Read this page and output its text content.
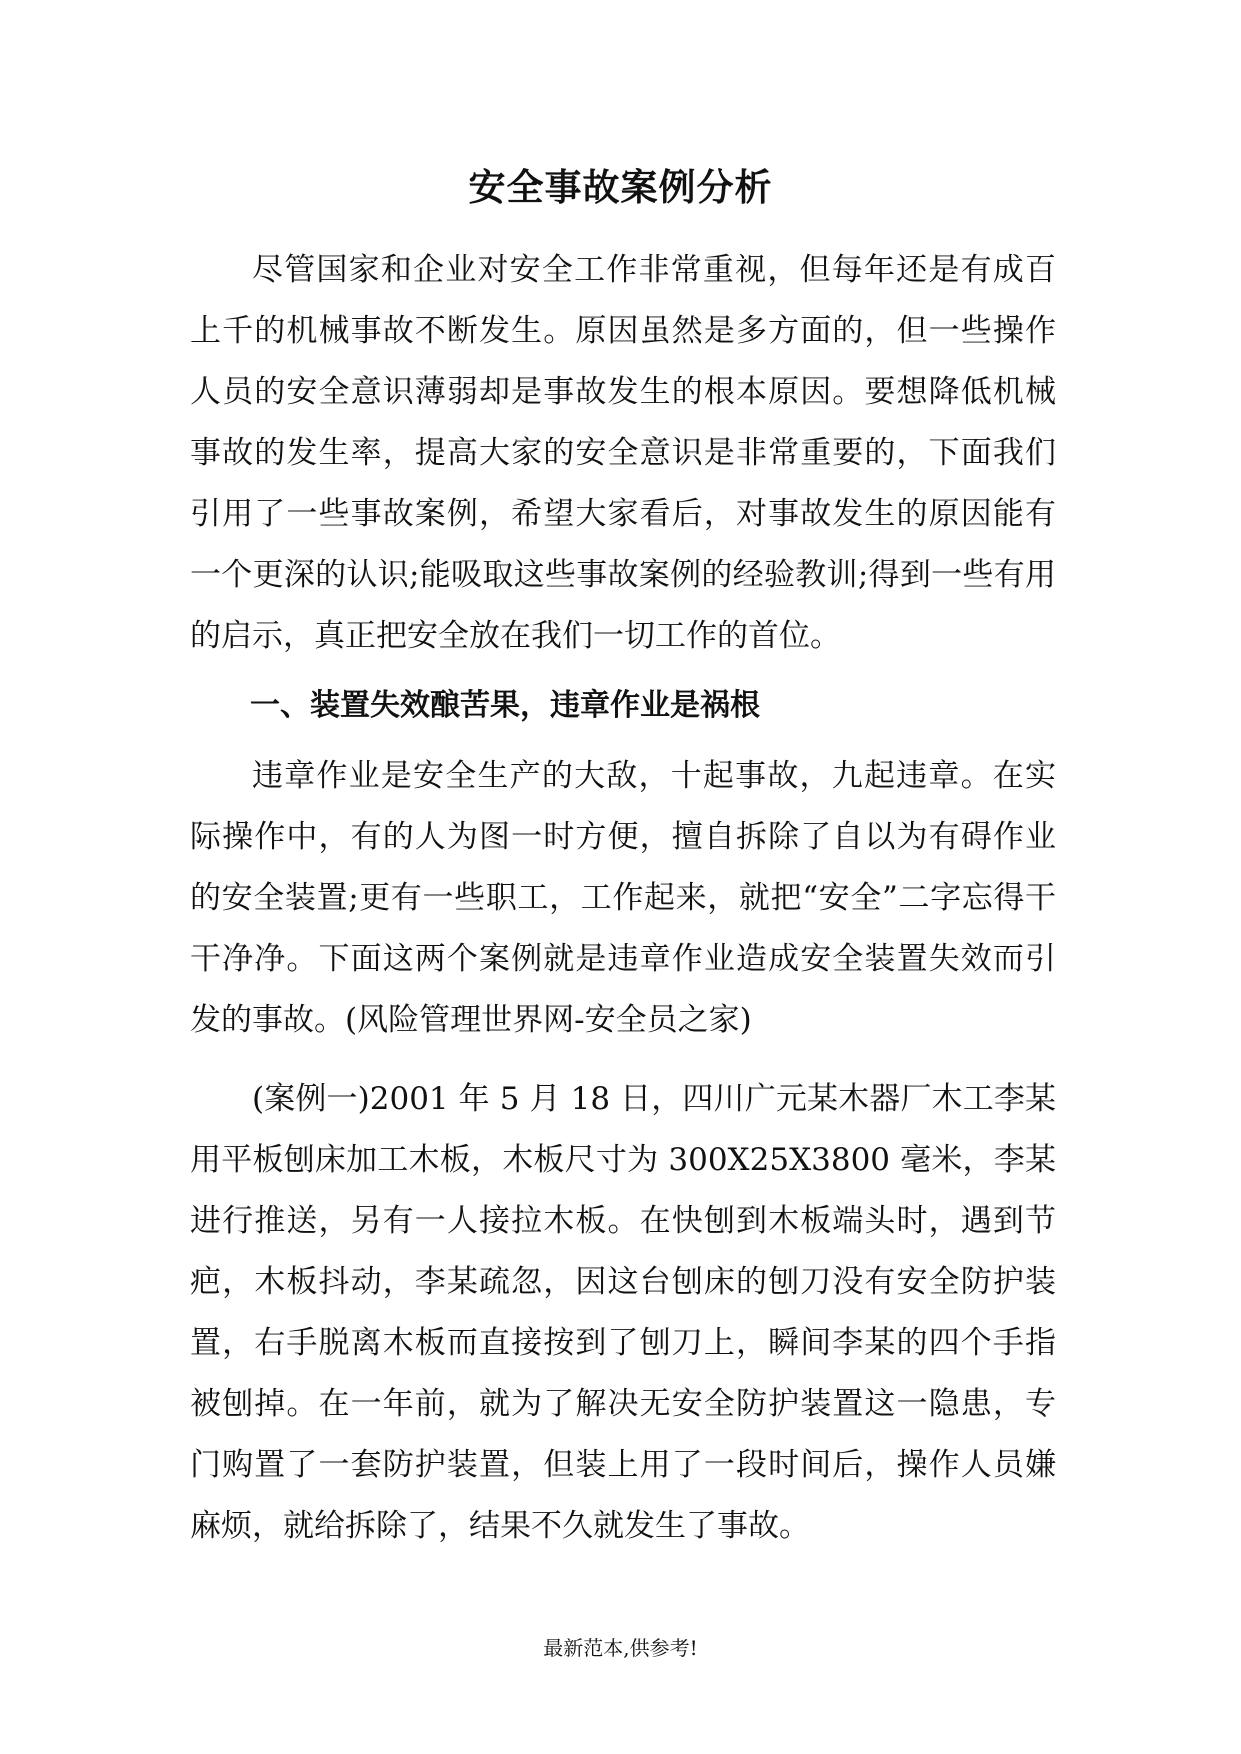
安全事故案例分析

尽管国家和企业对安全工作非常重视，但每年还是有成百上千的机械事故不断发生。原因虽然是多方面的，但一些操作人员的安全意识薄弱却是事故发生的根本原因。要想降低机械事故的发生率，提高大家的安全意识是非常重要的，下面我们引用了一些事故案例，希望大家看后，对事故发生的原因能有一个更深的认识;能吸取这些事故案例的经验教训;得到一些有用的启示，真正把安全放在我们一切工作的首位。

一、装置失效酿苦果，违章作业是祸根

违章作业是安全生产的大敌，十起事故，九起违章。在实际操作中，有的人为图一时方便，擅自拆除了自以为有碍作业的安全装置;更有一些职工，工作起来，就把“安全”二字忘得干干净净。下面这两个案例就是违章作业造成安全装置失效而引发的事故。(风险管理世界网-安全员之家)

(案例一)2001 年 5 月 18 日，四川广元某木器厂木工李某用平板刨床加工木板，木板尺寸为 300X25X3800 毫米，李某进行推送，另有一人接拉木板。在快刨到木板端头时，遇到节疤，木板抖动，李某疏忽，因这台刨床的刨刀没有安全防护装置，右手脱离木板而直接按到了刨刀上，瞬间李某的四个手指被刨掉。在一年前，就为了解决无安全防护装置这一隐患，专门购置了一套防护装置，但装上用了一段时间后，操作人员嫌麻烦，就给拆除了，结果不久就发生了事故。

最新范本,供参考!
